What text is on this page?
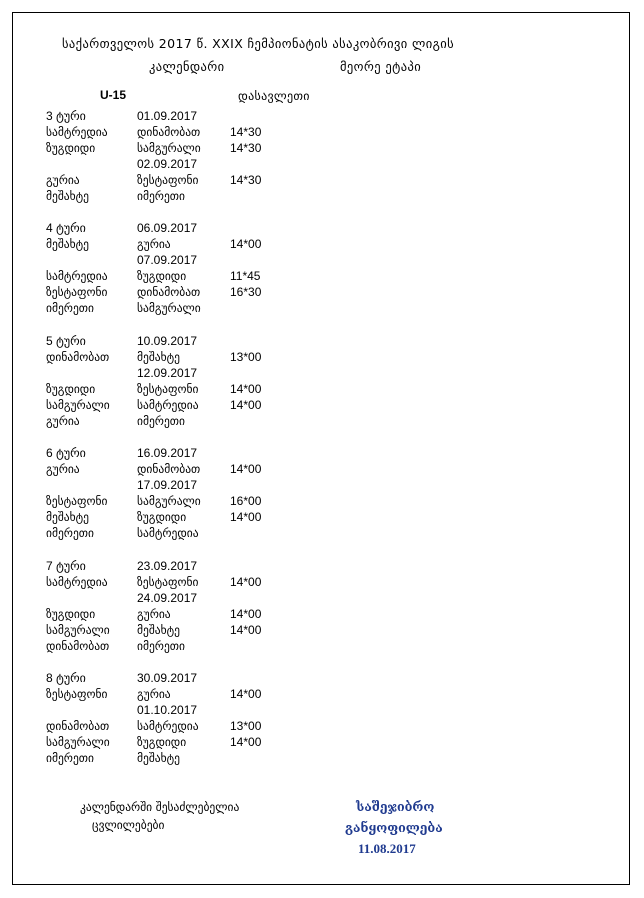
საქართველოს 2017 წ. XXIX ჩემპიონატის ასაკობრივი ლიგის
კალენდარი	მეორე ეტაპი
U-15	დასავლეთი
3 ტური	01.09.2017
სამტრედია	დინამობათ 14*30
ზუგდიდი	სამგურალი 14*30
02.09.2017
გურია	ზესტაფონი	14*30
მეშახტე	იმერეთი
4 ტური	06.09.2017
მეშახტე	გურია	14*00
07.09.2017
სამტრედია	ზუგდიდი	11*45
ზესტაფონი	დინამობათ 16*30
იმერეთი	სამგურალი
5 ტური	10.09.2017
დინამობათ მეშახტე	13*00
12.09.2017
ზუგდიდი	ზესტაფონი	14*00
სამგურალი სამტრედია	14*00
გურია	იმერეთი
6 ტური	16.09.2017
გურია	დინამობათ 14*00
17.09.2017
ზესტაფონი	სამგურალი 16*00
მეშახტე	ზუგდიდი	14*00
იმერეთი	სამტრედია
7 ტური	23.09.2017
სამტრედია	ზესტაფონი	14*00
24.09.2017
ზუგდიდი	გურია	14*00
სამგურალი მეშახტე	14*00
დინამობათ იმერეთი
8 ტური	30.09.2017
ზესტაფონი	გურია	14*00
01.10.2017
დინამობათ სამტრედია	13*00
სამგურალი ზუგდიდი	14*00
იმერეთი	მეშახტე
კალენდარში შესაძლებელია
ცვლილებები
საშეჯიბრო
განყოფილება
11.08.2017
